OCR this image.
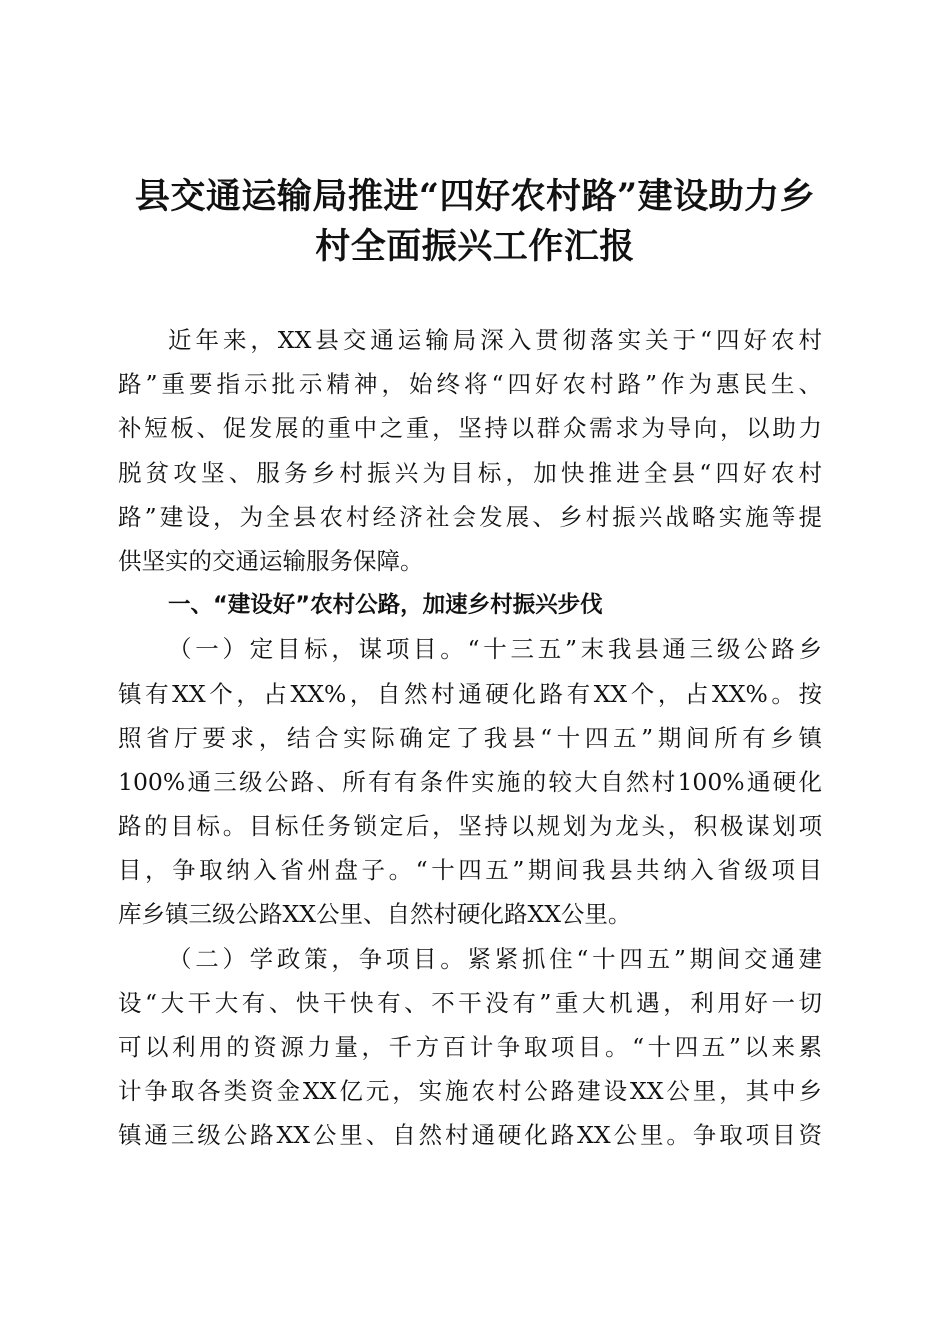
县交通运输局推进“四好农村路”建设助力乡
村全面振兴工作汇报
近年来，XX县交通运输局深入贯彻落实关于“四好农村
路”重要指示批示精神，始终将“四好农村路”作为惠民生、
补短板、促发展的重中之重，坚持以群众需求为导向，以助力
脱贫攻坚、服务乡村振兴为目标，加快推进全县“四好农村
路”建设，为全县农村经济社会发展、乡村振兴战略实施等提
供坚实的交通运输服务保障。
一、“建设好”农村公路，加速乡村振兴步伐
（一）定目标，谋项目。“十三五”末我县通三级公路乡
镇有XX个，占XX%，自然村通硬化路有XX个，占XX%。按
照省厅要求，结合实际确定了我县“十四五”期间所有乡镇
100%通三级公路、所有有条件实施的较大自然村100%通硬化
路的目标。目标任务锁定后，坚持以规划为龙头，积极谋划项
目，争取纳入省州盘子。“十四五”期间我县共纳入省级项目
库乡镇三级公路XX公里、自然村硬化路XX公里。
（二）学政策，争项目。紧紧抓住“十四五”期间交通建
设“大干大有、快干快有、不干没有”重大机遇，利用好一切
可以利用的资源力量，千方百计争取项目。“十四五”以来累
计争取各类资金XX亿元，实施农村公路建设XX公里，其中乡
镇通三级公路XX公里、自然村通硬化路XX公里。争取项目资
